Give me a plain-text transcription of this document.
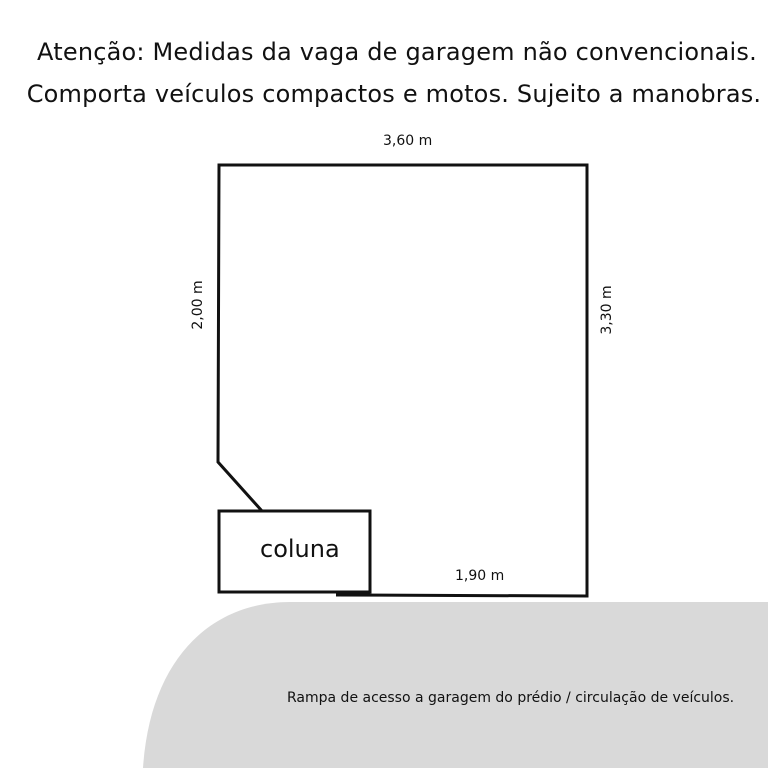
Atenção: Medidas da vaga de garagem não convencionais.
Comporta veículos compactos e motos. Sujeito a manobras.
3,60 m
2,00 m	3,30 m
1,90 m
coluna
Rampa de acesso a garagem do prédio / circulação de veículos.
